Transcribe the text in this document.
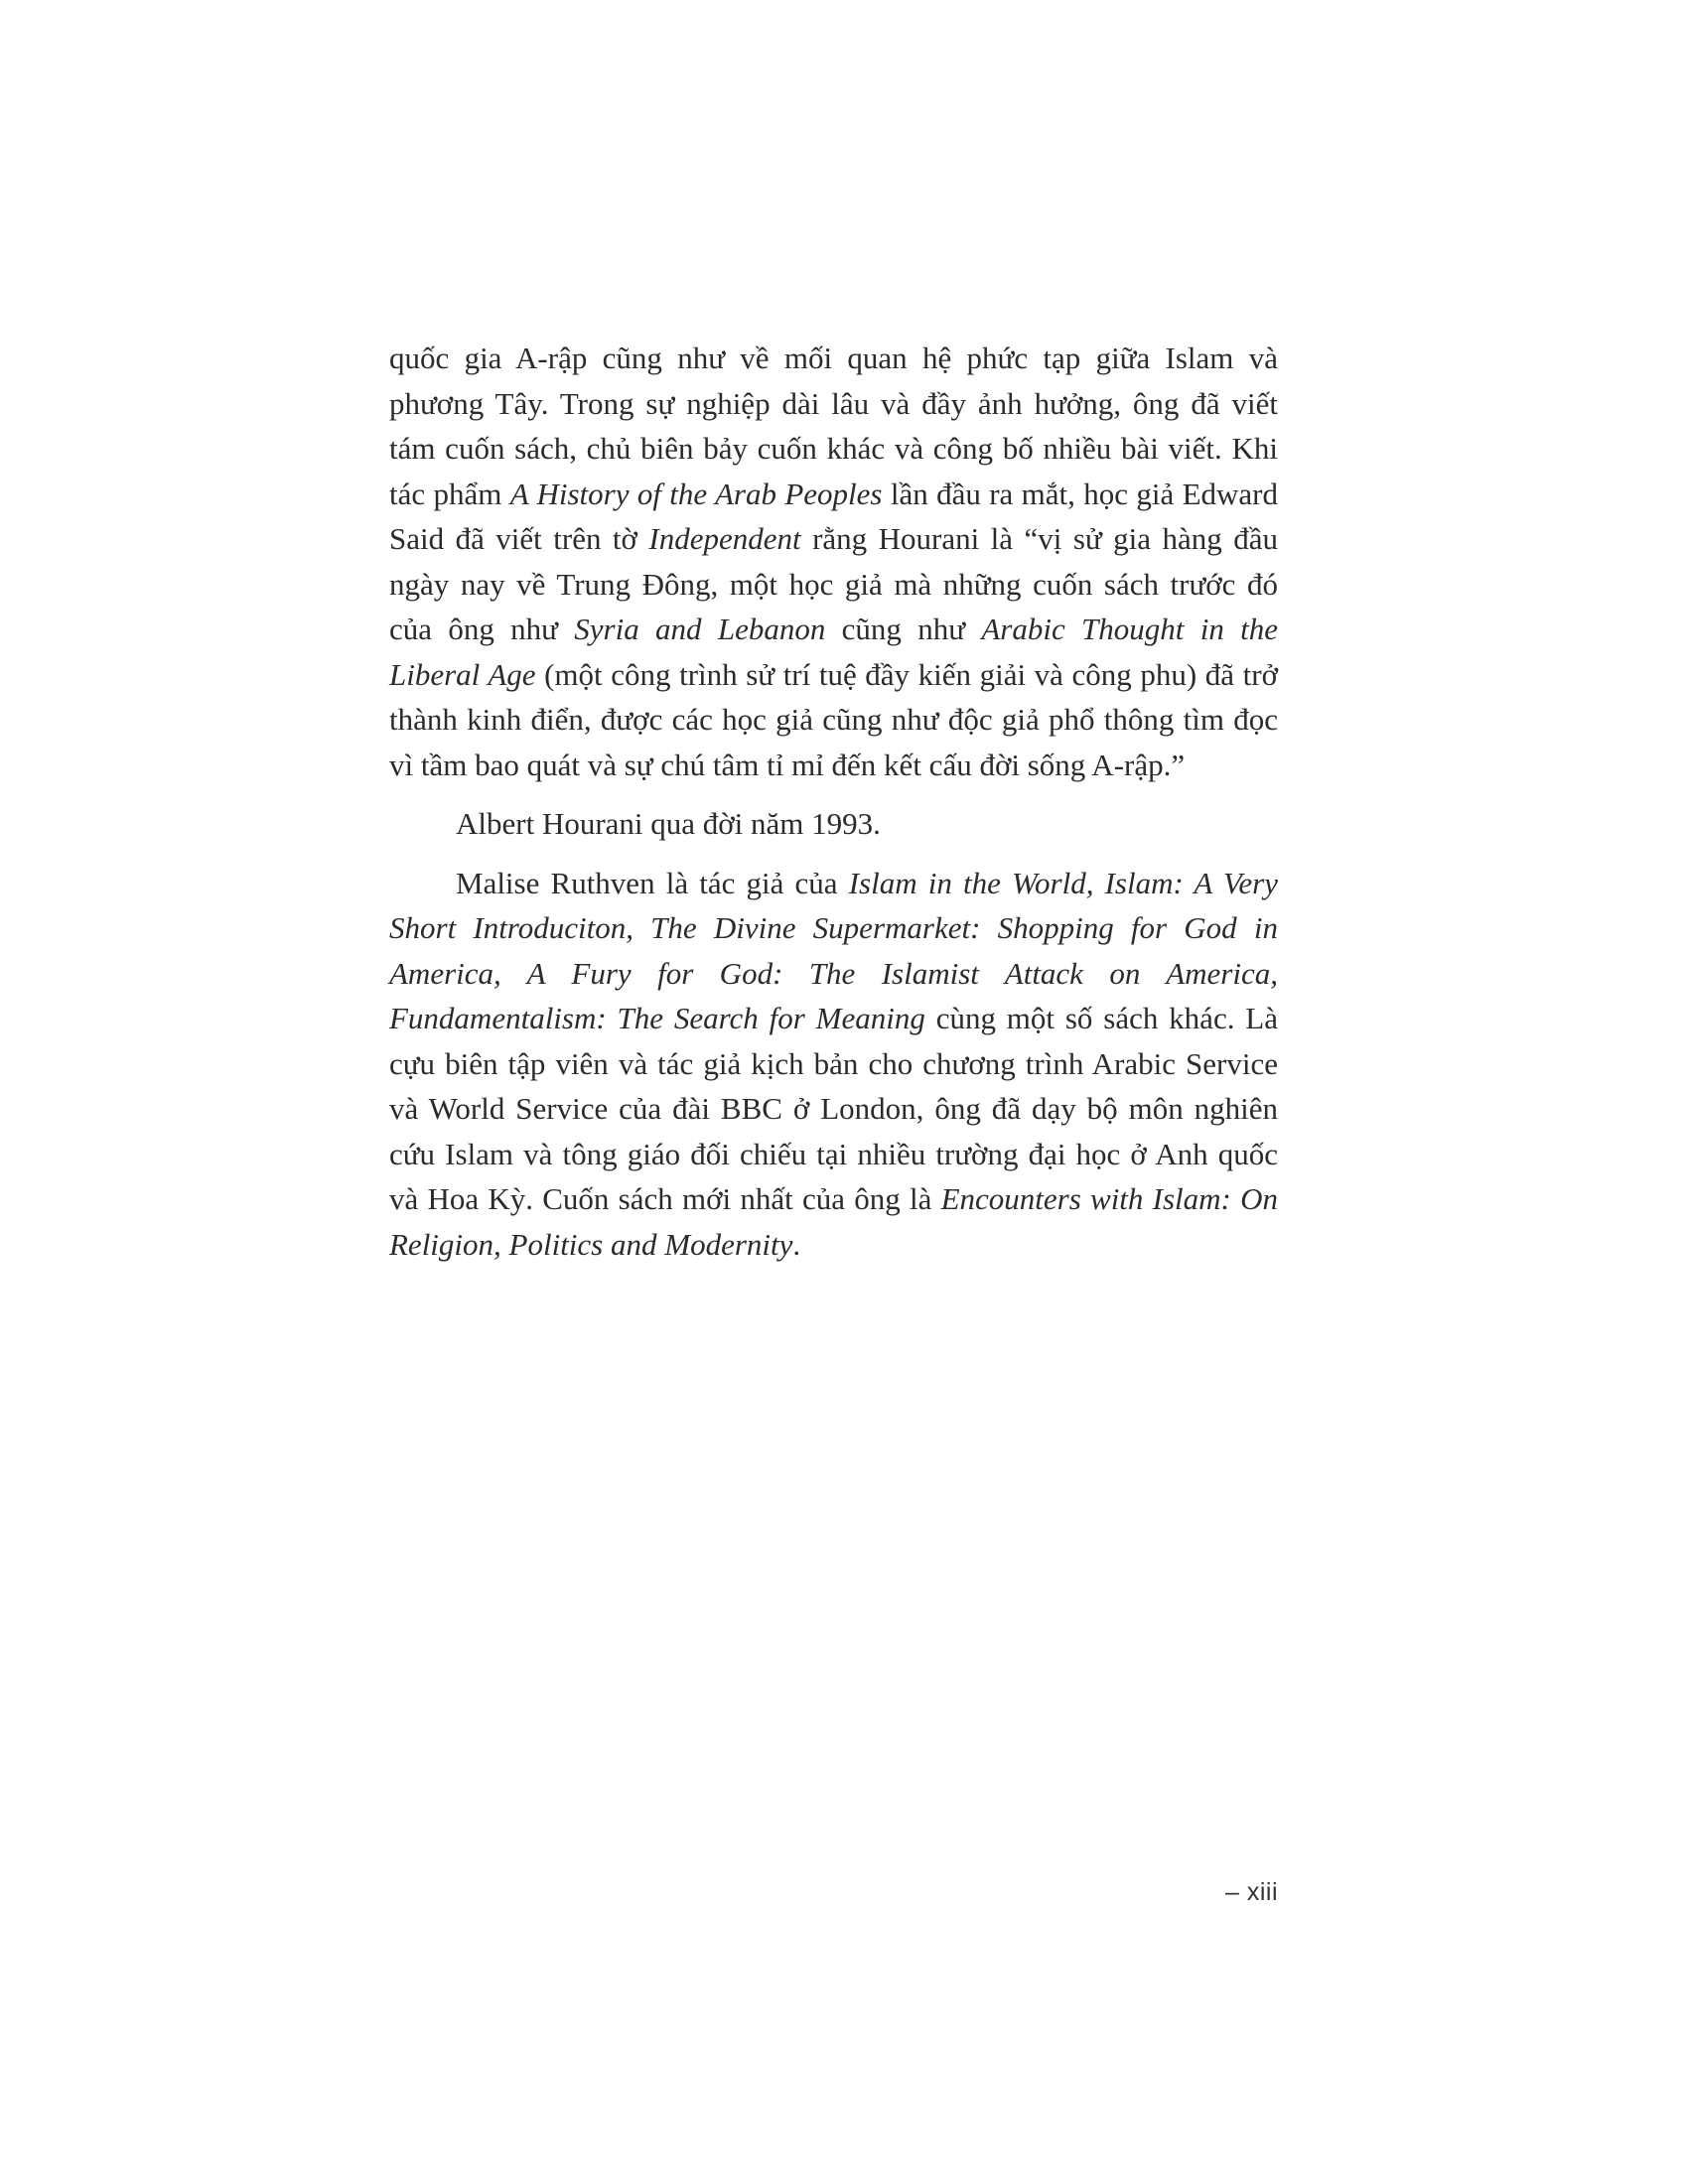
quốc gia A-rập cũng như về mối quan hệ phức tạp giữa Islam và phương Tây. Trong sự nghiệp dài lâu và đầy ảnh hưởng, ông đã viết tám cuốn sách, chủ biên bảy cuốn khác và công bố nhiều bài viết. Khi tác phẩm A History of the Arab Peoples lần đầu ra mắt, học giả Edward Said đã viết trên tờ Independent rằng Hourani là “vị sử gia hàng đầu ngày nay về Trung Đông, một học giả mà những cuốn sách trước đó của ông như Syria and Lebanon cũng như Arabic Thought in the Liberal Age (một công trình sử trí tuệ đầy kiến giải và công phu) đã trở thành kinh điển, được các học giả cũng như độc giả phổ thông tìm đọc vì tầm bao quát và sự chú tâm tỉ mỉ đến kết cấu đời sống A-rập.”

Albert Hourani qua đời năm 1993.

Malise Ruthven là tác giả của Islam in the World, Islam: A Very Short Introduciton, The Divine Supermarket: Shopping for God in America, A Fury for God: The Islamist Attack on America, Fundamentalism: The Search for Meaning cùng một số sách khác. Là cựu biên tập viên và tác giả kịch bản cho chương trình Arabic Service và World Service của đài BBC ở London, ông đã dạy bộ môn nghiên cứu Islam và tông giáo đối chiếu tại nhiều trường đại học ở Anh quốc và Hoa Kỳ. Cuốn sách mới nhất của ông là Encounters with Islam: On Religion, Politics and Modernity.

– xiii
